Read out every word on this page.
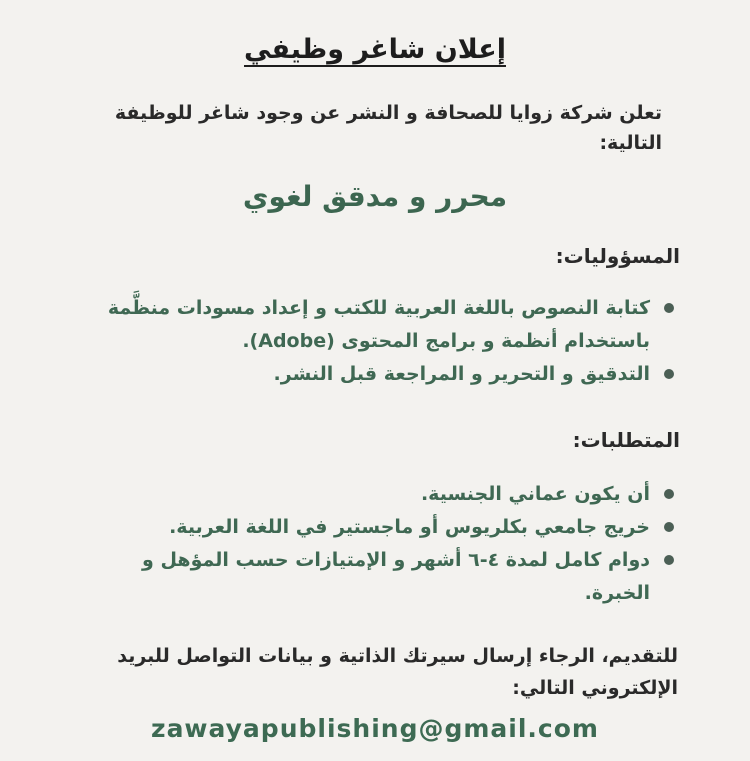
إعلان شاغر وظيفي
تعلن شركة زوايا للصحافة و النشر عن وجود شاغر للوظيفة التالية:
محرر و مدقق لغوي
المسؤوليات:
كتابة النصوص باللغة العربية للكتب و إعداد مسودات منظَّمة باستخدام أنظمة و برامج المحتوى (Adobe).
التدقيق و التحرير و المراجعة قبل النشر.
المتطلبات:
أن يكون عماني الجنسية.
خريج جامعي بكلريوس أو ماجستير في اللغة العربية.
دوام كامل لمدة ٤-٦ أشهر و الإمتيازات حسب المؤهل و الخبرة.
للتقديم، الرجاء إرسال سيرتك الذاتية و بيانات التواصل للبريد الإلكتروني التالي:
zawayapublishing@gmail.com
